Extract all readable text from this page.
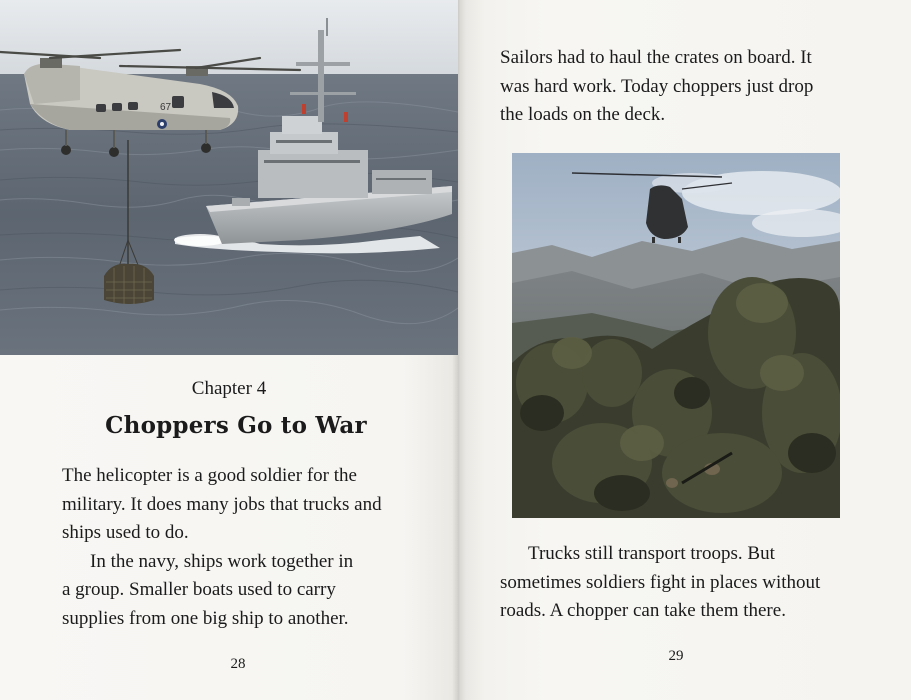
67
Chapter 4
Choppers Go to War

The helicopter is a good soldier for the

military. It does many jobs that trucks and

ships used to do.

In the navy, ships work together in

a group. Smaller boats used to carry

supplies from one big ship to another.

28

Sailors had to haul the crates on board. It

was hard work. Today choppers just drop

the loads on the deck.

Trucks still transport troops. But

sometimes soldiers fight in places without

roads. A chopper can take them there.

29
